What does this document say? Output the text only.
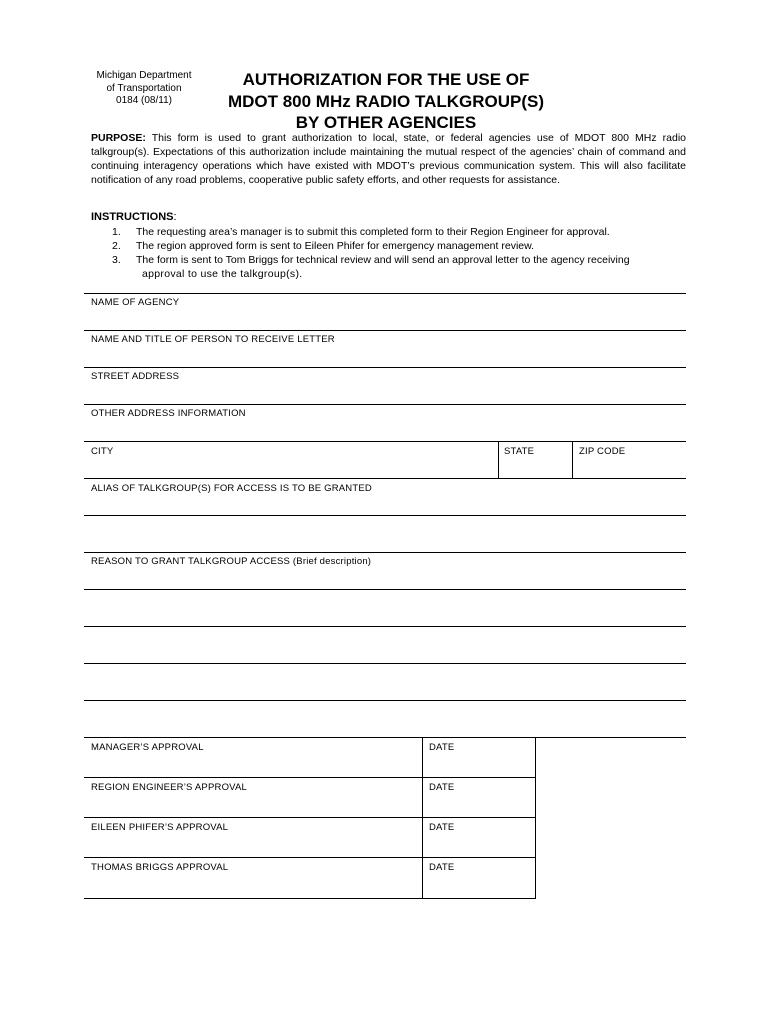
Michigan Department
of Transportation
0184 (08/11)
AUTHORIZATION FOR THE USE OF
MDOT 800 MHz RADIO TALKGROUP(S)
BY OTHER AGENCIES
PURPOSE: This form is used to grant authorization to local, state, or federal agencies use of MDOT 800 MHz radio talkgroup(s). Expectations of this authorization include maintaining the mutual respect of the agencies’ chain of command and continuing interagency operations which have existed with MDOT’s previous communication system. This will also facilitate notification of any road problems, cooperative public safety efforts, and other requests for assistance.
INSTRUCTIONS:
1.	The requesting area’s manager is to submit this completed form to their Region Engineer for approval.
2.	The region approved form is sent to Eileen Phifer for emergency management review.
3.	The form is sent to Tom Briggs for technical review and will send an approval letter to the agency receiving
approval to use the talkgroup(s).
NAME OF AGENCY
NAME AND TITLE OF PERSON TO RECEIVE LETTER
STREET ADDRESS
OTHER ADDRESS INFORMATION
CITY	STATE	ZIP CODE
ALIAS OF TALKGROUP(S) FOR ACCESS IS TO BE GRANTED
REASON TO GRANT TALKGROUP ACCESS (Brief description)
MANAGER’S APPROVAL	DATE
REGION ENGINEER’S APPROVAL	DATE
EILEEN PHIFER’S APPROVAL	DATE
THOMAS BRIGGS APPROVAL	DATE
